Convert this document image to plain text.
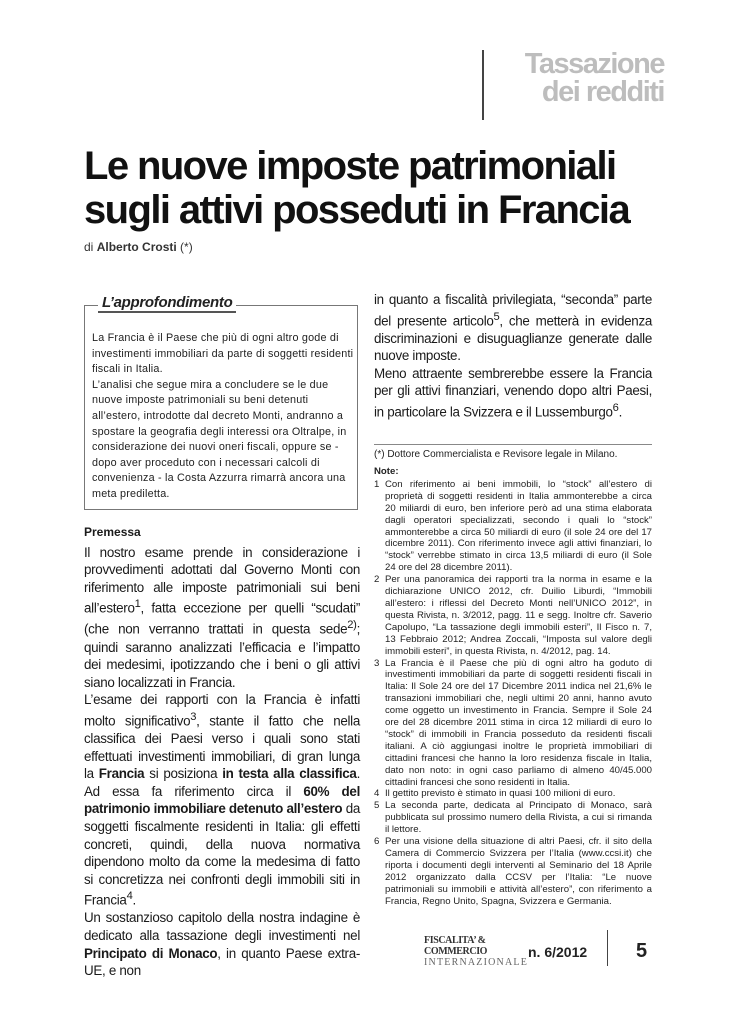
Tassazione
dei redditi
Le nuove imposte patrimoniali
sugli attivi posseduti in Francia
di Alberto Crosti (*)
L’approfondimento

La Francia è il Paese che più di ogni altro gode di investimenti immobiliari da parte di soggetti residenti fiscali in Italia.

L’analisi che segue mira a concludere se le due nuove imposte patrimoniali su beni detenuti all’estero, introdotte dal decreto Monti, andranno a spostare la geografia degli interessi ora Oltralpe, in considerazione dei nuovi oneri fiscali, oppure se - dopo aver proceduto con i necessari calcoli di convenienza - la Costa Azzurra rimarrà ancora una meta prediletta.

Premessa

Il nostro esame prende in considerazione i provvedimenti adottati dal Governo Monti con riferimento alle imposte patrimoniali sui beni all’estero$^1$, fatta eccezione per quelli “scudati” (che non verranno trattati in questa sede$^{2)}$; quindi saranno analizzati l’efficacia e l’impatto dei medesimi, ipotizzando che i beni o gli attivi siano localizzati in Francia.

L’esame dei rapporti con la Francia è infatti molto significativo$^3$, stante il fatto che nella classifica dei Paesi verso i quali sono stati effettuati investimenti immobiliari, di gran lunga la Francia si posiziona in testa alla classifica. Ad essa fa riferimento circa il 60% del patrimonio immobiliare detenuto all’estero da soggetti fiscalmente residenti in Italia: gli effetti concreti, quindi, della nuova normativa dipendono molto da come la medesima di fatto si concretizza nei confronti degli immobili siti in Francia$^4$.

Un sostanzioso capitolo della nostra indagine è dedicato alla tassazione degli investimenti nel Principato di Monaco, in quanto Paese extra-UE, e non

in quanto a fiscalità privilegiata, “seconda” parte del presente articolo$^5$, che metterà in evidenza discriminazioni e disuguaglianze generate dalle nuove imposte.

Meno attraente sembrerebbe essere la Francia per gli attivi finanziari, venendo dopo altri Paesi, in particolare la Svizzera e il Lussemburgo$^6$.

(*) Dottore Commercialista e Revisore legale in Milano.
Note:
1 Con riferimento ai beni immobili, lo “stock” all’estero di proprietà di soggetti residenti in Italia ammonterebbe a circa 20 miliardi di euro, ben inferiore però ad una stima elaborata dagli operatori specializzati, secondo i quali lo “stock” ammonterebbe a circa 50 miliardi di euro (il sole 24 ore del 17 dicembre 2011). Con riferimento invece agli attivi finanziari, lo “stock” verrebbe stimato in circa 13,5 miliardi di euro (il Sole 24 ore del 28 dicembre 2011).
2 Per una panoramica dei rapporti tra la norma in esame e la dichiarazione UNICO 2012, cfr. Duilio Liburdi, “Immobili all’estero: i riflessi del Decreto Monti nell’UNICO 2012”, in questa Rivista, n. 3/2012, pagg. 11 e segg. Inoltre cfr. Saverio Capolupo, “La tassazione degli immobili esteri”, Il Fisco n. 7, 13 Febbraio 2012; Andrea Zoccali, “Imposta sul valore degli immobili esteri”, in questa Rivista, n. 4/2012, pag. 14.
3 La Francia è il Paese che più di ogni altro ha goduto di investimenti immobiliari da parte di soggetti residenti fiscali in Italia: Il Sole 24 ore del 17 Dicembre 2011 indica nel 21,6% le transazioni immobiliari che, negli ultimi 20 anni, hanno avuto come oggetto un investimento in Francia. Sempre il Sole 24 ore del 28 dicembre 2011 stima in circa 12 miliardi di euro lo “stock” di immobili in Francia posseduto da residenti fiscali italiani. A ciò aggiungasi inoltre le proprietà immobiliari di cittadini francesi che hanno la loro residenza fiscale in Italia, dato non noto: in ogni caso parliamo di almeno 40/45.000 cittadini francesi che sono residenti in Italia.
4 Il gettito previsto è stimato in quasi 100 milioni di euro.
5 La seconda parte, dedicata al Principato di Monaco, sarà pubblicata sul prossimo numero della Rivista, a cui si rimanda il lettore.
6 Per una visione della situazione di altri Paesi, cfr. il sito della Camera di Commercio Svizzera per l’Italia (www.ccsi.it) che riporta i documenti degli interventi al Seminario del 18 Aprile 2012 organizzato dalla CCSV per l’Italia: “Le nuove patrimoniali su immobili e attività all’estero”, con riferimento a Francia, Regno Unito, Spagna, Svizzera e Germania.
FISCALITA’ & COMMERCIO
INTERNAZIONALE
n. 6/2012 5
